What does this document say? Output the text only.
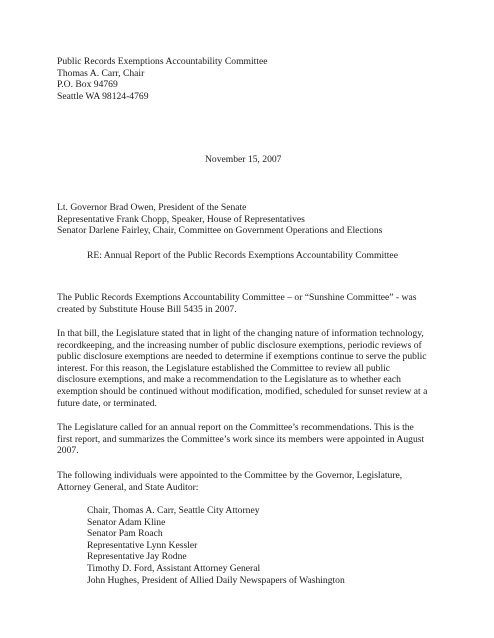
Public Records Exemptions Accountability Committee
Thomas A. Carr, Chair
P.O. Box 94769
Seattle WA 98124-4769
November 15, 2007
Lt. Governor Brad Owen, President of the Senate
Representative Frank Chopp, Speaker, House of Representatives
Senator Darlene Fairley, Chair, Committee on Government Operations and Elections
RE: Annual Report of the Public Records Exemptions Accountability Committee
The Public Records Exemptions Accountability Committee – or “Sunshine Committee” - was
created by Substitute House Bill 5435 in 2007.
In that bill, the Legislature stated that in light of the changing nature of information technology,
recordkeeping, and the increasing number of public disclosure exemptions, periodic reviews of
public disclosure exemptions are needed to determine if exemptions continue to serve the public
interest. For this reason, the Legislature established the Committee to review all public
disclosure exemptions, and make a recommendation to the Legislature as to whether each
exemption should be continued without modification, modified, scheduled for sunset review at a
future date, or terminated.
The Legislature called for an annual report on the Committee’s recommendations. This is the
first report, and summarizes the Committee’s work since its members were appointed in August
2007.
The following individuals were appointed to the Committee by the Governor, Legislature,
Attorney General, and State Auditor:
Chair, Thomas A. Carr, Seattle City Attorney
Senator Adam Kline
Senator Pam Roach
Representative Lynn Kessler
Representative Jay Rodne
Timothy D. Ford, Assistant Attorney General
John Hughes, President of Allied Daily Newspapers of Washington
